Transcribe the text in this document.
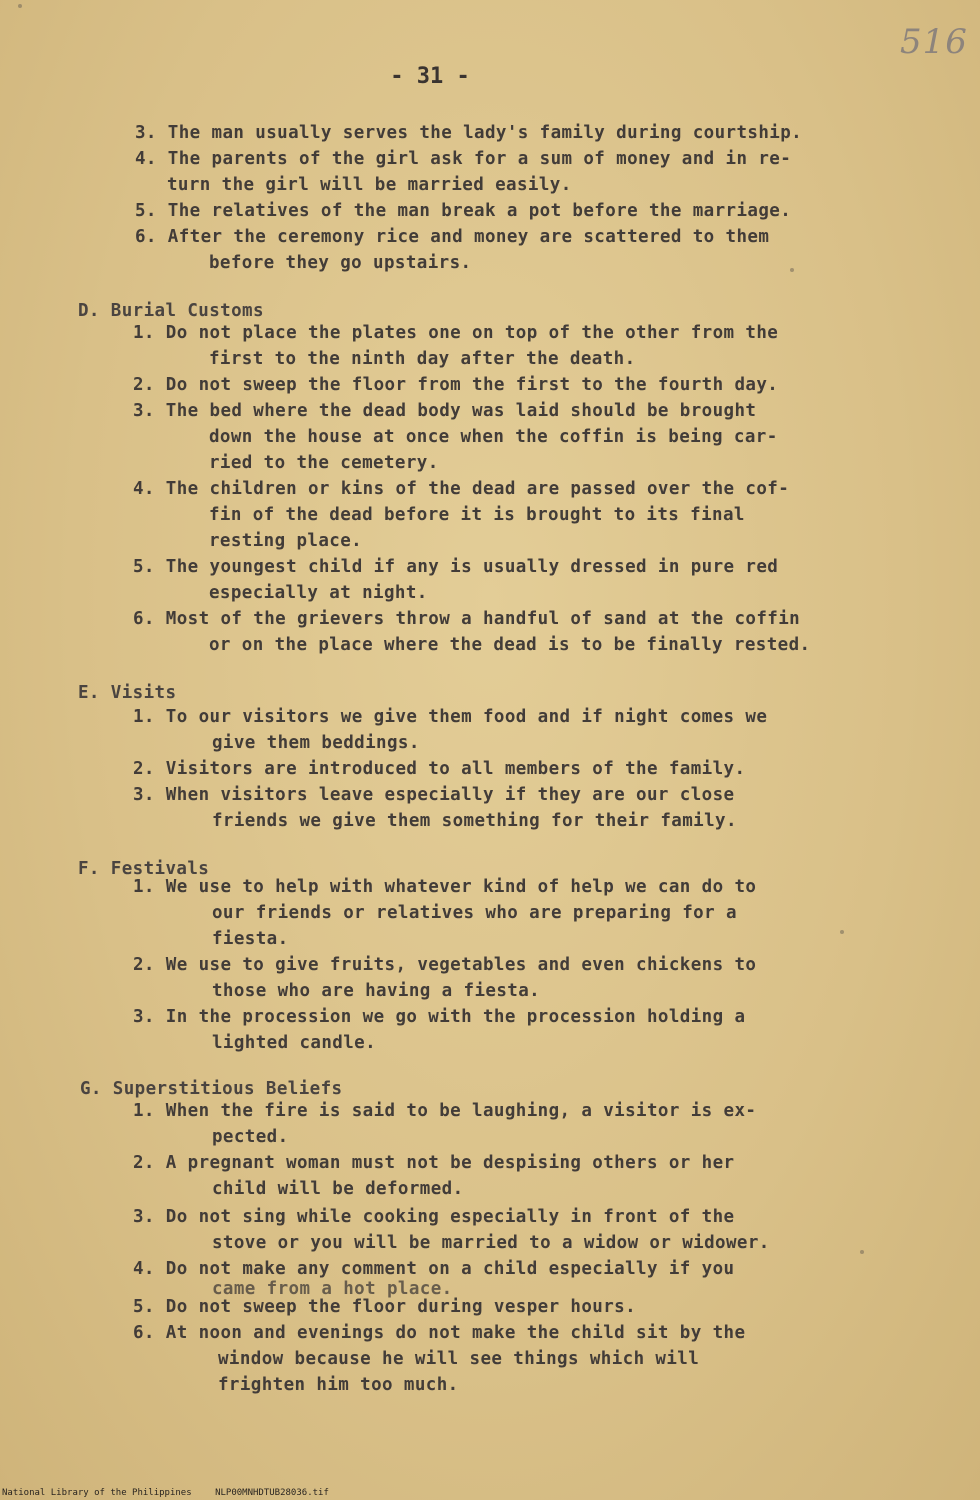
516
- 31 -
3. The man usually serves the lady's family during courtship.
4. The parents of the girl ask for a sum of money and in re-
turn the girl will be married easily.
5. The relatives of the man break a pot before the marriage.
6. After the ceremony rice and money are scattered to them
before they go upstairs.
D. Burial Customs
1. Do not place the plates one on top of the other from the
first to the ninth day after the death.
2. Do not sweep the floor from the first to the fourth day.
3. The bed where the dead body was laid should be brought
down the house at once when the coffin is being car-
ried to the cemetery.
4. The children or kins of the dead are passed over the cof-
fin of the dead before it is brought to its final
resting place.
5. The youngest child if any is usually dressed in pure red
especially at night.
6. Most of the grievers throw a handful of sand at the coffin
or on the place where the dead is to be finally rested.
E. Visits
1. To our visitors we give them food and if night comes we
give them beddings.
2. Visitors are introduced to all members of the family.
3. When visitors leave especially if they are our close
friends we give them something for their family.
F. Festivals
1. We use to help with whatever kind of help we can do to
our friends or relatives who are preparing for a
fiesta.
2. We use to give fruits, vegetables and even chickens to
those who are having a fiesta.
3. In the procession we go with the procession holding a
lighted candle.
G. Superstitious Beliefs
1. When the fire is said to be laughing, a visitor is ex-
pected.
2. A pregnant woman must not be despising others or her
child will be deformed.
3. Do not sing while cooking especially in front of the
stove or you will be married to a widow or widower.
4. Do not make any comment on a child especially if you
came from a hot place.
5. Do not sweep the floor during vesper hours.
6. At noon and evenings do not make the child sit by the
window because he will see things which will
frighten him too much.
National Library of the Philippines	NLP00MNHDTUB28036.tif
